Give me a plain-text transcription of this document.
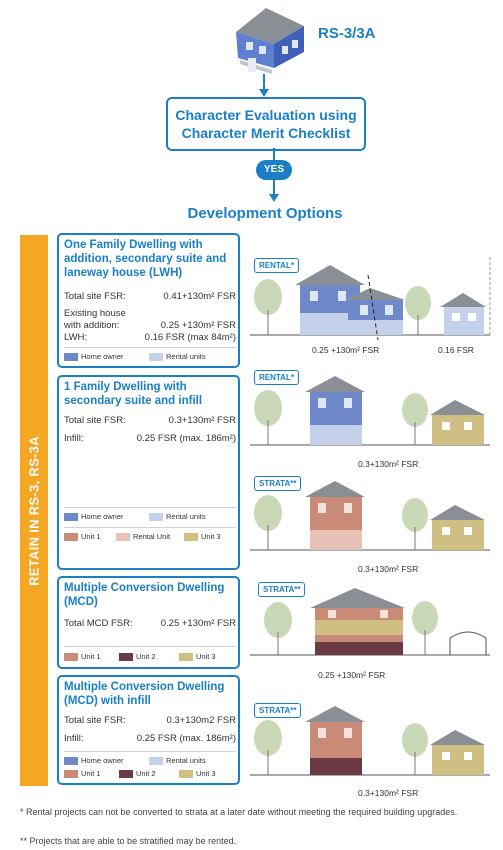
RS-3/3A
Character Evaluation using
Character Merit Checklist
YES
Development Options
RETAIN IN RS-3, RS-3A
One Family Dwelling with addition, secondary suite and laneway house (LWH)
Total site FSR:	0.41+130m² FSR
Existing house
with addition:	0.25 +130m² FSR
LWH:	0.16 FSR (max 84m²)
Home owner	Rental units
1 Family Dwelling with secondary suite and infill
Total site FSR:	0.3+130m² FSR
Infill:	0.25 FSR (max. 186m²)
Home owner	Rental units
Unit 1	Rental Unit	Unit 3
Multiple Conversion Dwelling (MCD)
Total MCD FSR:	0.25 +130m² FSR
Unit 1	Unit 2	Unit 3
Multiple Conversion Dwelling (MCD) with infill
Total site FSR:	0.3+130m2 FSR
Infill:	0.25 FSR (max. 186m²)
Home owner	Rental units
Unit 1	Unit 2	Unit 3
RENTAL*
0.25 +130m² FSR	0.16 FSR
RENTAL*
0.3+130m² FSR
STRATA**
0.3+130m² FSR
STRATA**
0.25 +130m² FSR
STRATA**
0.3+130m² FSR
* Rental projects can not be converted to strata at a later date without meeting the required building upgrades.
** Projects that are able to be stratified may be rented.
